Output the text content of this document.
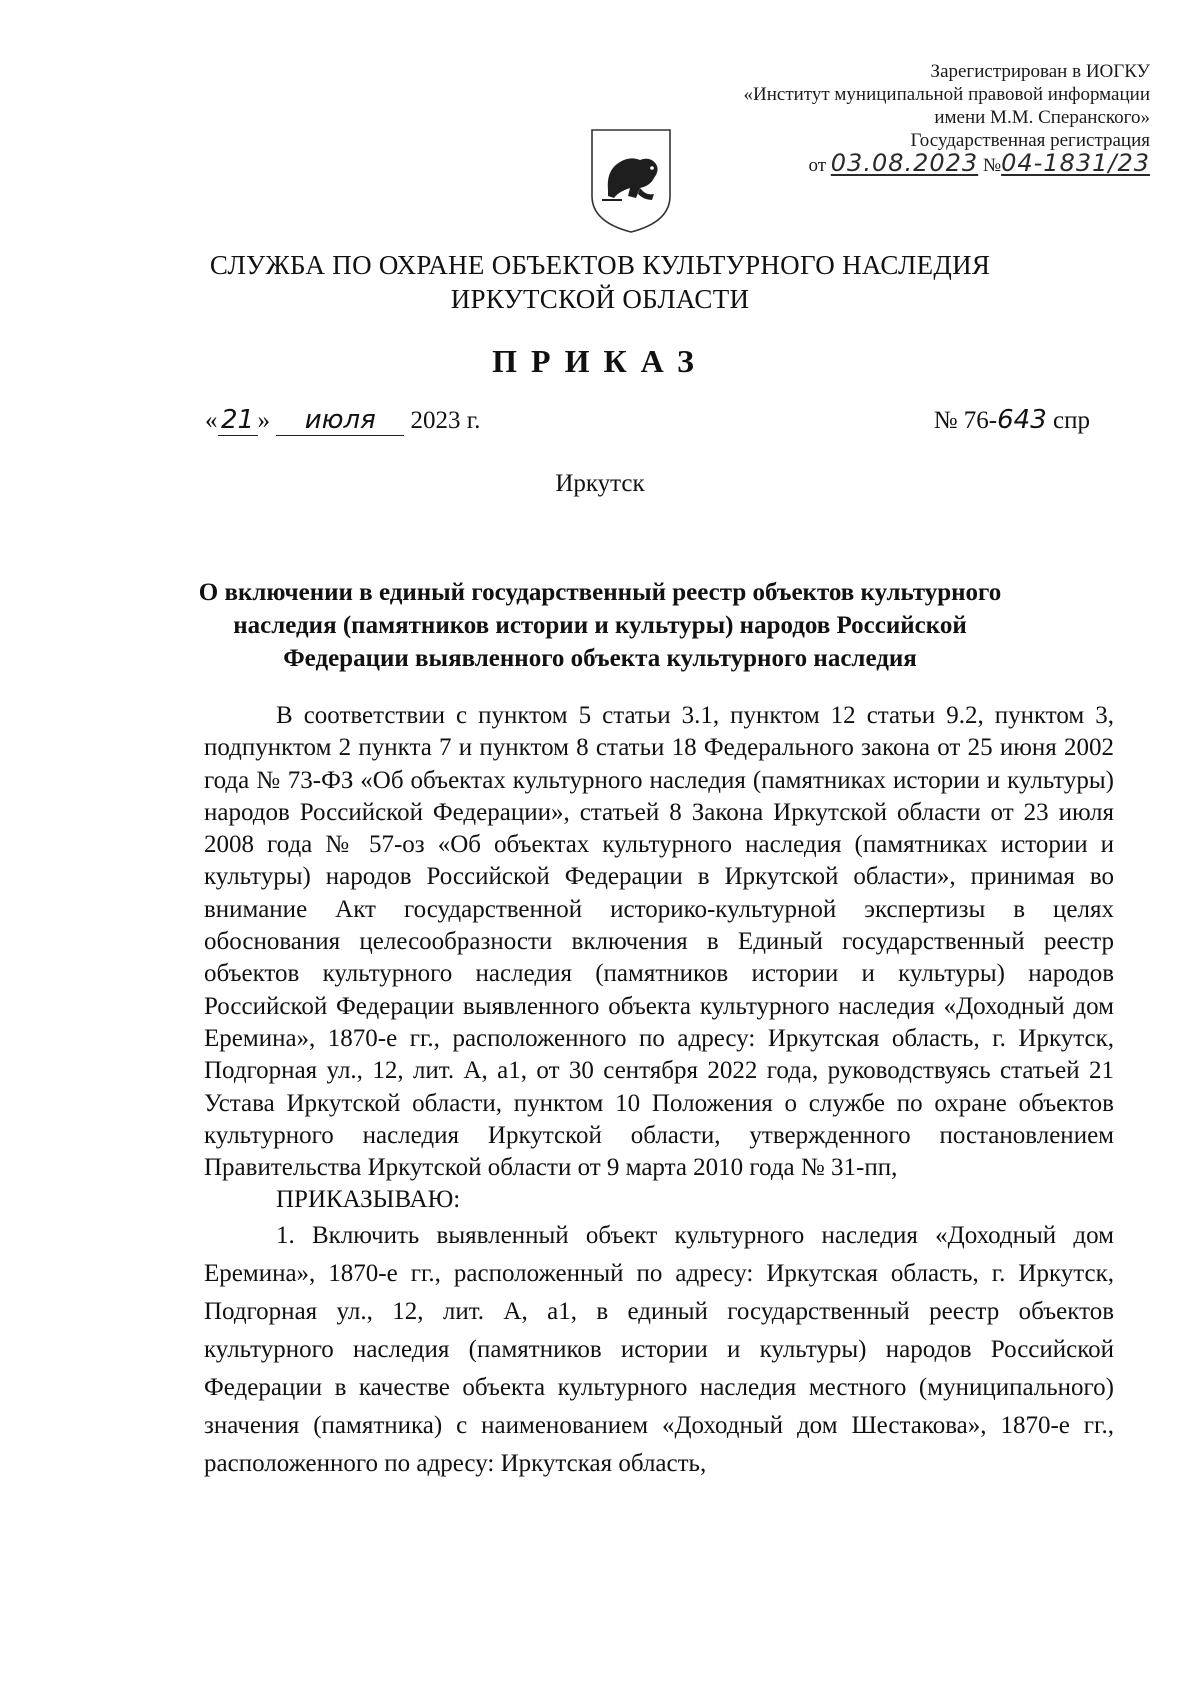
Зарегистрирован в ИОГКУ
«Институт муниципальной правовой информации
имени М.М. Сперанского»
Государственная регистрация
от 03.08.2023 №04-1831/23
СЛУЖБА ПО ОХРАНЕ ОБЪЕКТОВ КУЛЬТУРНОГО НАСЛЕДИЯ
ИРКУТСКОЙ ОБЛАСТИ
ПРИКАЗ
« 21 » июля 2023 г.	№ 76-643 спр
Иркутск
О включении в единый государственный реестр объектов культурного
наследия (памятников истории и культуры) народов Российской
Федерации выявленного объекта культурного наследия

В соответствии с пунктом 5 статьи 3.1, пунктом 12 статьи 9.2, пунктом 3, подпунктом 2 пункта 7 и пунктом 8 статьи 18 Федерального закона от 25 июня 2002 года № 73-ФЗ «Об объектах культурного наследия (памятниках истории и культуры) народов Российской Федерации», статьей 8 Закона Иркутской области от 23 июля 2008 года № 57-оз «Об объектах культурного наследия (памятниках истории и культуры) народов Российской Федерации в Иркутской области», принимая во внимание Акт государственной историко-культурной экспертизы в целях обоснования целесообразности включения в Единый государственный реестр объектов культурного наследия (памятников истории и культуры) народов Российской Федерации выявленного объекта культурного наследия «Доходный дом Еремина», 1870-е гг., расположенного по адресу: Иркутская область, г. Иркутск, Подгорная ул., 12, лит. А, а1, от 30 сентября 2022 года, руководствуясь статьей 21 Устава Иркутской области, пунктом 10 Положения о службе по охране объектов культурного наследия Иркутской области, утвержденного постановлением Правительства Иркутской области от 9 марта 2010 года № 31-пп,

ПРИКАЗЫВАЮ:

1. Включить выявленный объект культурного наследия «Доходный дом Еремина», 1870-е гг., расположенный по адресу: Иркутская область, г. Иркутск, Подгорная ул., 12, лит. А, а1, в единый государственный реестр объектов культурного наследия (памятников истории и культуры) народов Российской Федерации в качестве объекта культурного наследия местного (муниципального) значения (памятника) с наименованием «Доходный дом Шестакова», 1870-е гг., расположенного по адресу: Иркутская область,
